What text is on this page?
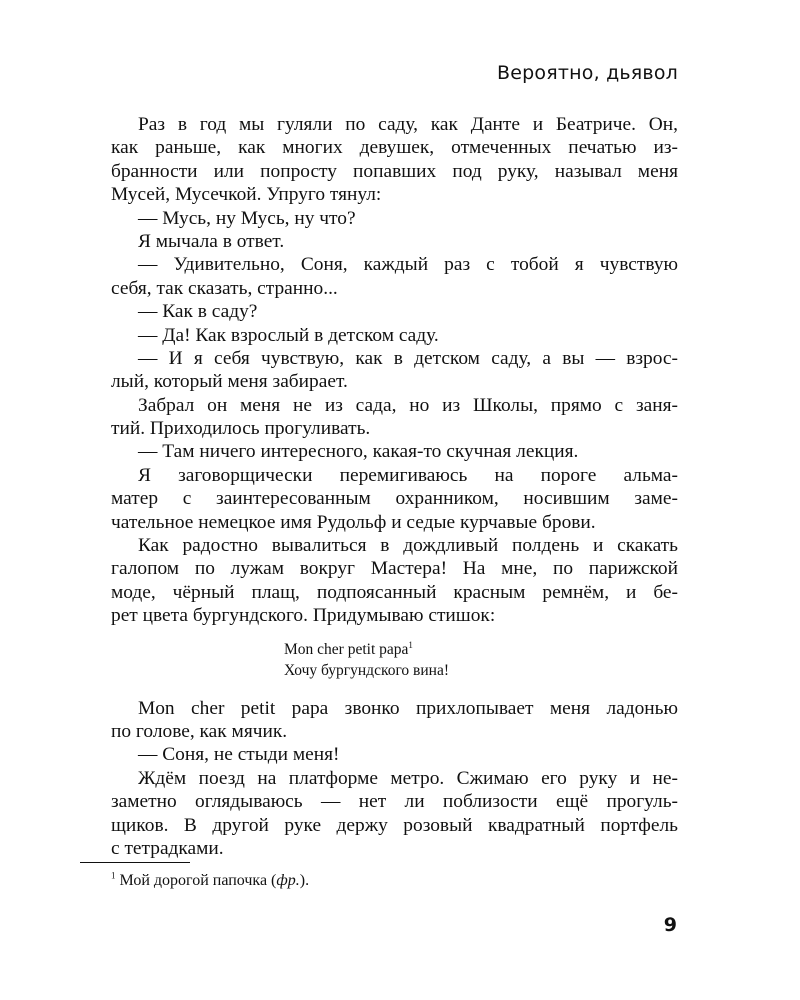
Вероятно, дьявол
Раз в год мы гуляли по саду, как Данте и Беатриче. Он,
как раньше, как многих девушек, отмеченных печатью из-
бранности или попросту попавших под руку, называл меня
Мусей, Мусечкой. Упруго тянул:
— Мусь, ну Мусь, ну что?
Я мычала в ответ.
— Удивительно, Соня, каждый раз с тобой я чувствую
себя, так сказать, странно...
— Как в саду?
— Да! Как взрослый в детском саду.
— И я себя чувствую, как в детском саду, а вы — взрос-
лый, который меня забирает.
Забрал он меня не из сада, но из Школы, прямо с заня-
тий. Приходилось прогуливать.
— Там ничего интересного, какая-то скучная лекция.
Я заговорщически перемигиваюсь на пороге альма-
матер с заинтересованным охранником, носившим заме-
чательное немецкое имя Рудольф и седые курчавые брови.
Как радостно вывалиться в дождливый полдень и скакать
галопом по лужам вокруг Мастера! На мне, по парижской
моде, чёрный плащ, подпоясанный красным ремнём, и бе-
рет цвета бургундского. Придумываю стишок:
Mon cher petit papa$^1$
Хочу бургундского вина!
Mon cher petit papa звонко прихлопывает меня ладонью
по голове, как мячик.
— Соня, не стыди меня!
Ждём поезд на платформе метро. Сжимаю его руку и не-
заметно оглядываюсь — нет ли поблизости ещё прогуль-
щиков. В другой руке держу розовый квадратный портфель
с тетрадками.
$^1$ Мой дорогой папочка (фр.).
9
